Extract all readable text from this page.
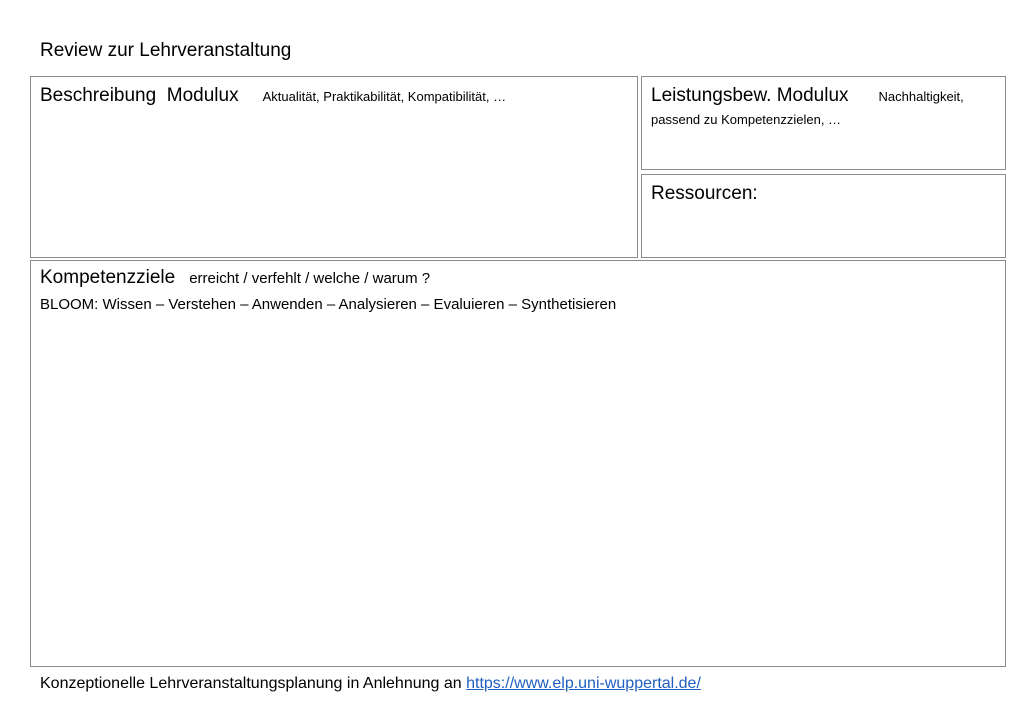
Review zur Lehrveranstaltung
Beschreibung  Modulux Aktualität, Praktikabilität, Kompatibilität, …	Leistungsbew. Modulux Nachhaltigkeit,
passend zu Kompetenzzielen, …
Ressourcen:
Kompetenzziele erreicht / verfehlt / welche / warum ?
BLOOM: Wissen – Verstehen – Anwenden – Analysieren – Evaluieren – Synthetisieren
Konzeptionelle Lehrveranstaltungsplanung in Anlehnung an https://www.elp.uni-wuppertal.de/
